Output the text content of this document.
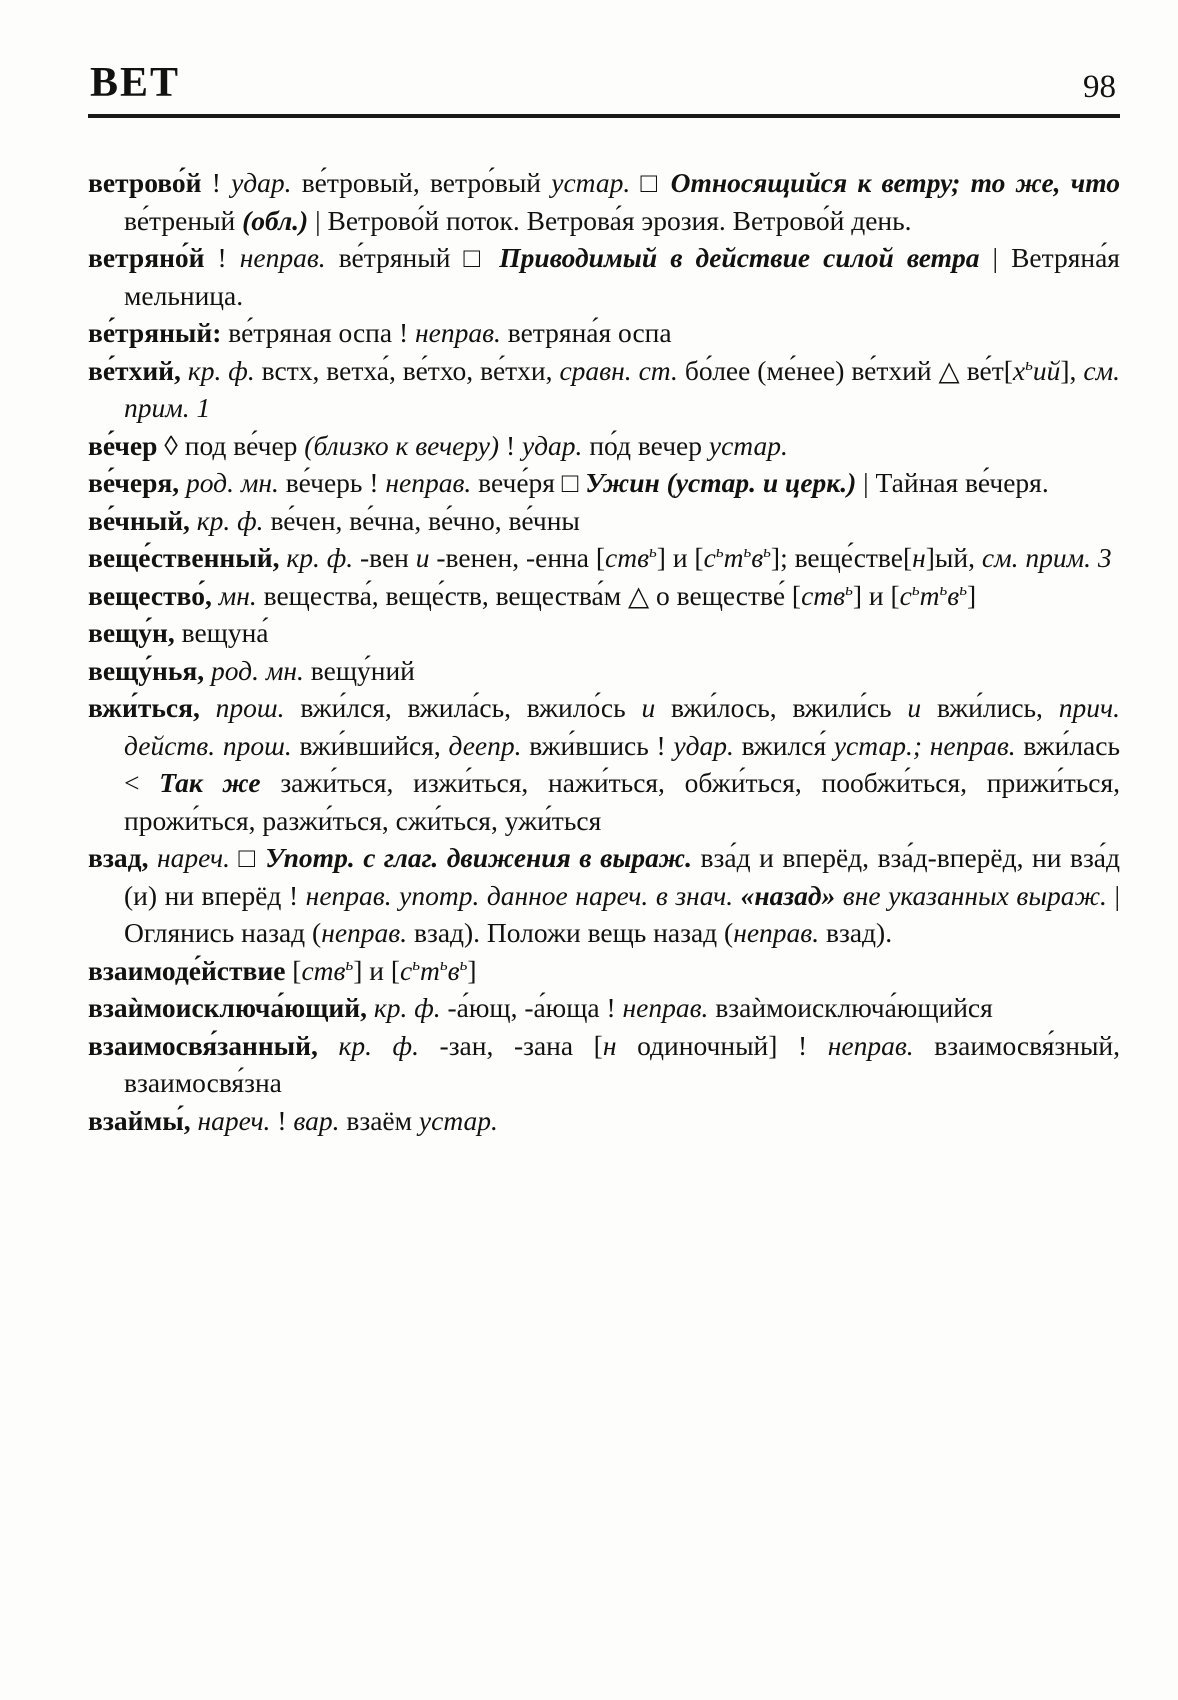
ВЕТ	98
ветрово́й ! удар. ве́тровый, ветро́вый устар. □ Относящийся к ветру; то же, что ве́треный (обл.) | Ветрово́й поток. Ветрова́я эрозия. Ветрово́й день.
ветряно́й ! неправ. ве́тряный □ Приводимый в действие силой ветра | Ветряна́я мельница.
ве́тряный: ве́тряная оспа ! неправ. ветряна́я оспа
ве́тхий, кр. ф. встх, ветха́, ве́тхо, ве́тхи, сравн. ст. бо́лее (ме́нее) ве́тхий △ $ве́т[х^ьий]$, см. прим. 1
ве́чер ◊ под ве́чер (близко к вечеру) ! удар. по́д вечер устар.
ве́черя, род. мн. ве́черь ! неправ. вече́ря □ Ужин (устар. и церк.) | Тайная ве́черя.
ве́чный, кр. ф. ве́чен, ве́чна, ве́чно, ве́чны
веще́ственный, кр. ф. -вен и -венен, -енна [ств$^ь$] и $[с^ьт^ьв^ь]$; веще́стве[н]ый, см. прим. 3
вещество́, мн. вещества́, веще́ств, вещества́м △ о веществе́ [ств$^ь$] и $[с^ьт^ьв^ь]$
вещу́н, вещуна́
вещу́нья, род. мн. вещу́ний
вжи́ться, прош. вжи́лся, вжила́сь, вжило́сь и вжи́лось, вжили́сь и вжи́лись, прич. действ. прош. вжи́вшийся, деепр. вжи́вшись ! удар. вжился́ устар.; неправ. вжи́лась < Так же зажи́ться, изжи́ться, нажи́ться, обжи́ться, пообжи́ться, прижи́ться, прожи́ться, разжи́ться, сжи́ться, ужи́ться
взад, нареч. □ Употр. с глаг. движения в выраж. вза́д и вперёд, вза́д-вперёд, ни вза́д (и) ни вперёд ! неправ. употр. данное нареч. в знач. «назад» вне указанных выраж. | Оглянись назад (неправ. взад). Положи вещь назад (неправ. взад).
взаимоде́йствие [ств$^ь$] и $[с^ьт^ьв^ь]$
взаѝмоисключа́ющий, кр. ф. -а́ющ, -а́юща ! неправ. взаѝмоисключа́ющийся
взаимосвя́занный, кр. ф. -зан, -зана [н одиночный] ! неправ. взаимосвя́зный, взаимосвя́зна
взаймы́, нареч. ! вар. взаём устар.
